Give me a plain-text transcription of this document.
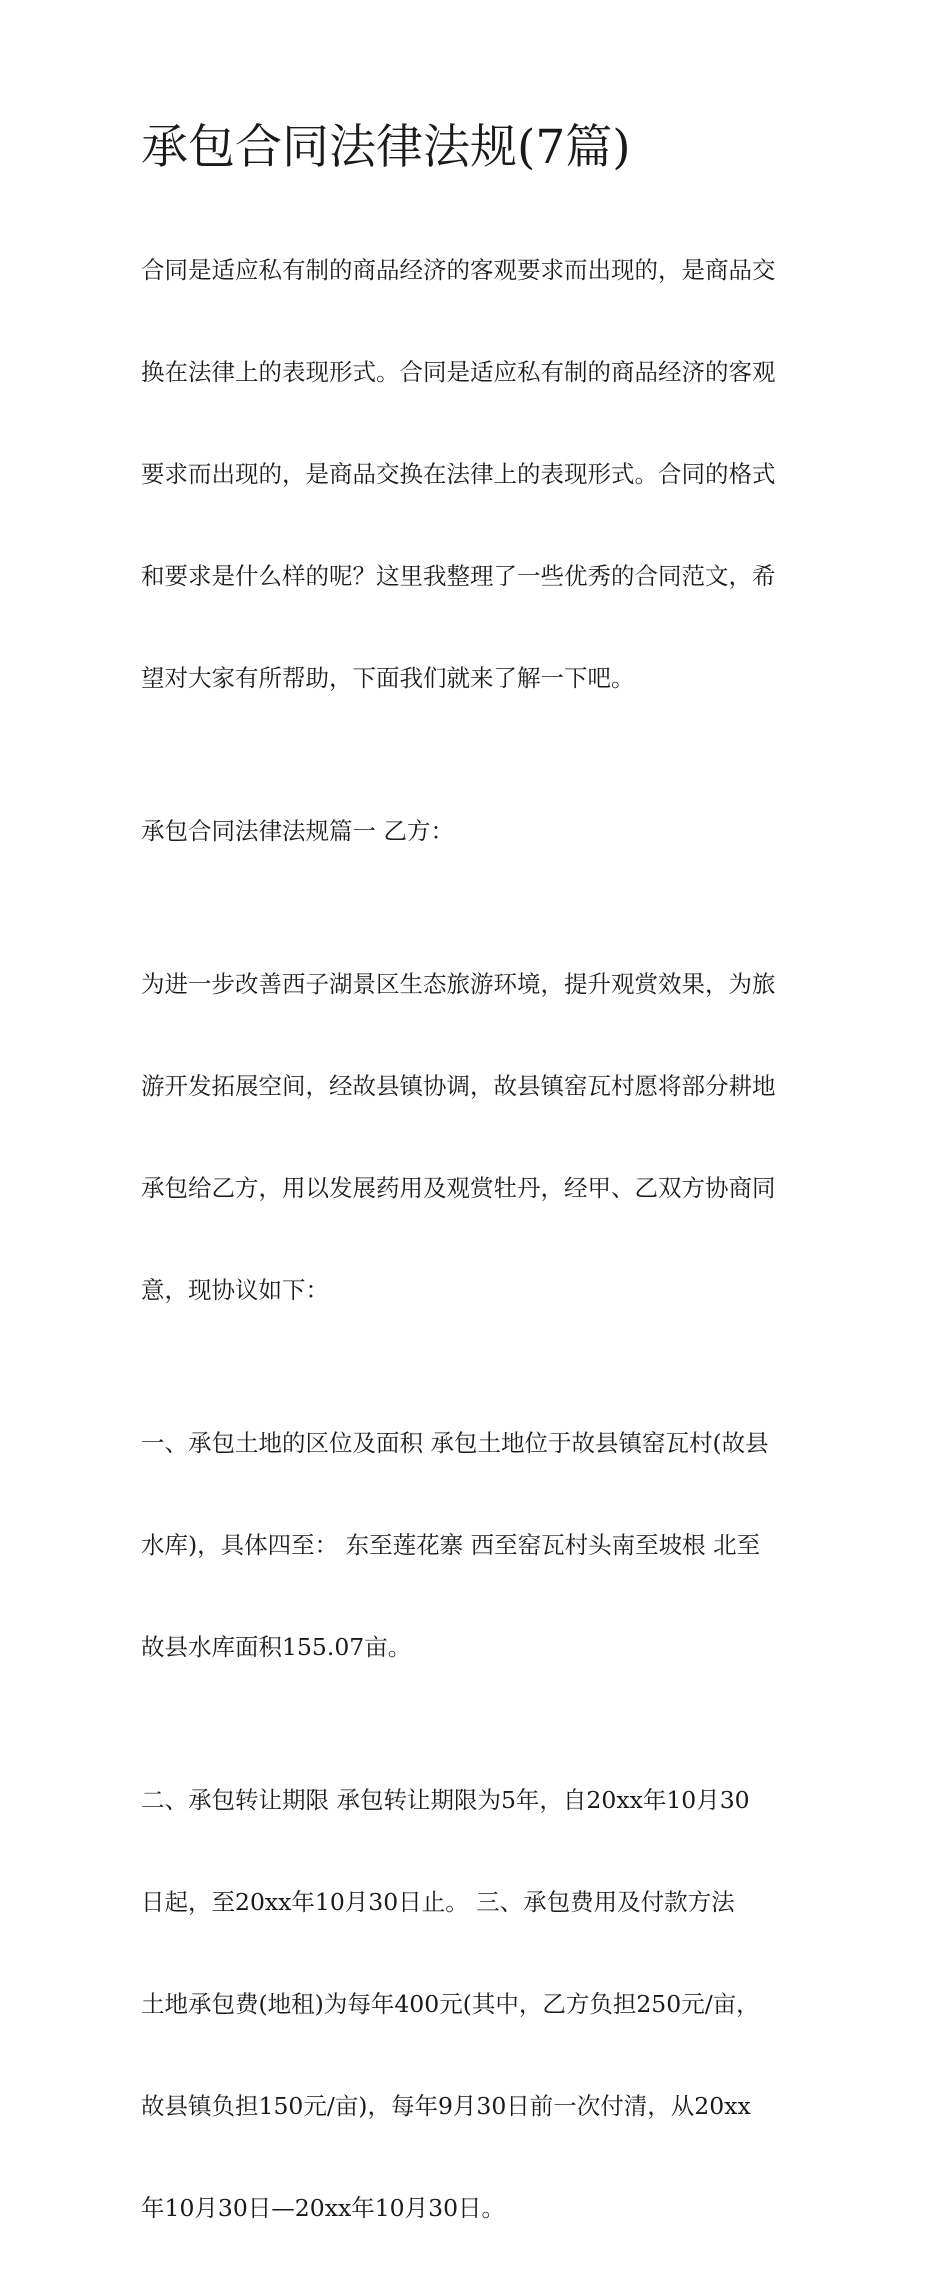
承包合同法律法规(7篇)

合同是适应私有制的商品经济的客观要求而出现的，是商品交

换在法律上的表现形式。合同是适应私有制的商品经济的客观

要求而出现的，是商品交换在法律上的表现形式。合同的格式

和要求是什么样的呢？这里我整理了一些优秀的合同范文，希

望对大家有所帮助，下面我们就来了解一下吧。

承包合同法律法规篇一 乙方：

为进一步改善西子湖景区生态旅游环境，提升观赏效果，为旅

游开发拓展空间，经故县镇协调，故县镇窑瓦村愿将部分耕地

承包给乙方，用以发展药用及观赏牡丹，经甲、乙双方协商同

意，现协议如下：

一、承包土地的区位及面积 承包土地位于故县镇窑瓦村(故县

水库)，具体四至： 东至莲花寨 西至窑瓦村头南至坡根 北至

故县水库面积155.07亩。

二、承包转让期限 承包转让期限为5年，自20xx年10月30

日起，至20xx年10月30日止。 三、承包费用及付款方法

土地承包费(地租)为每年400元(其中，乙方负担250元/亩，

故县镇负担150元/亩)，每年9月30日前一次付清，从20xx

年10月30日—20xx年10月30日。
